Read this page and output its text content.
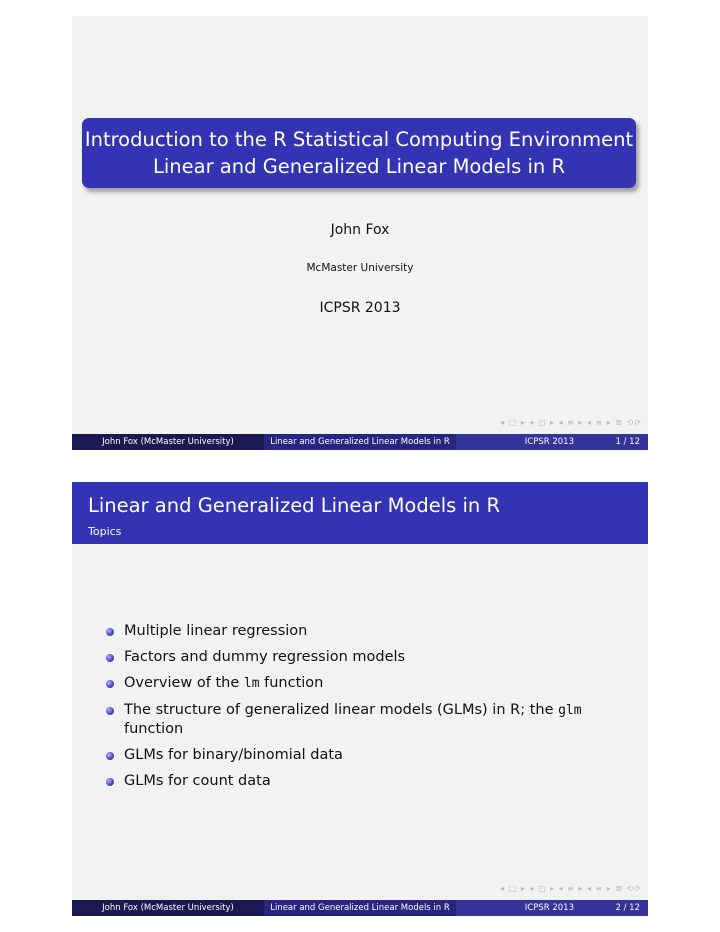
Introduction to the R Statistical Computing Environment
Linear and Generalized Linear Models in R
John Fox
McMaster University
ICPSR 2013
◂ □ ▸ ◂ ◰ ▸ ◂ ≡ ▸ ◂ ≡ ▸ ≣ ⟲⟳
John Fox (McMaster University)	Linear and Generalized Linear Models in R	ICPSR 2013	1 / 12
Linear and Generalized Linear Models in R
Topics
Multiple linear regression
Factors and dummy regression models
Overview of the lm function
The structure of generalized linear models (GLMs) in R; the glm
function
GLMs for binary/binomial data
GLMs for count data
◂ □ ▸ ◂ ◰ ▸ ◂ ≡ ▸ ◂ ≡ ▸ ≣ ⟲⟳
John Fox (McMaster University)	Linear and Generalized Linear Models in R	ICPSR 2013	2 / 12
